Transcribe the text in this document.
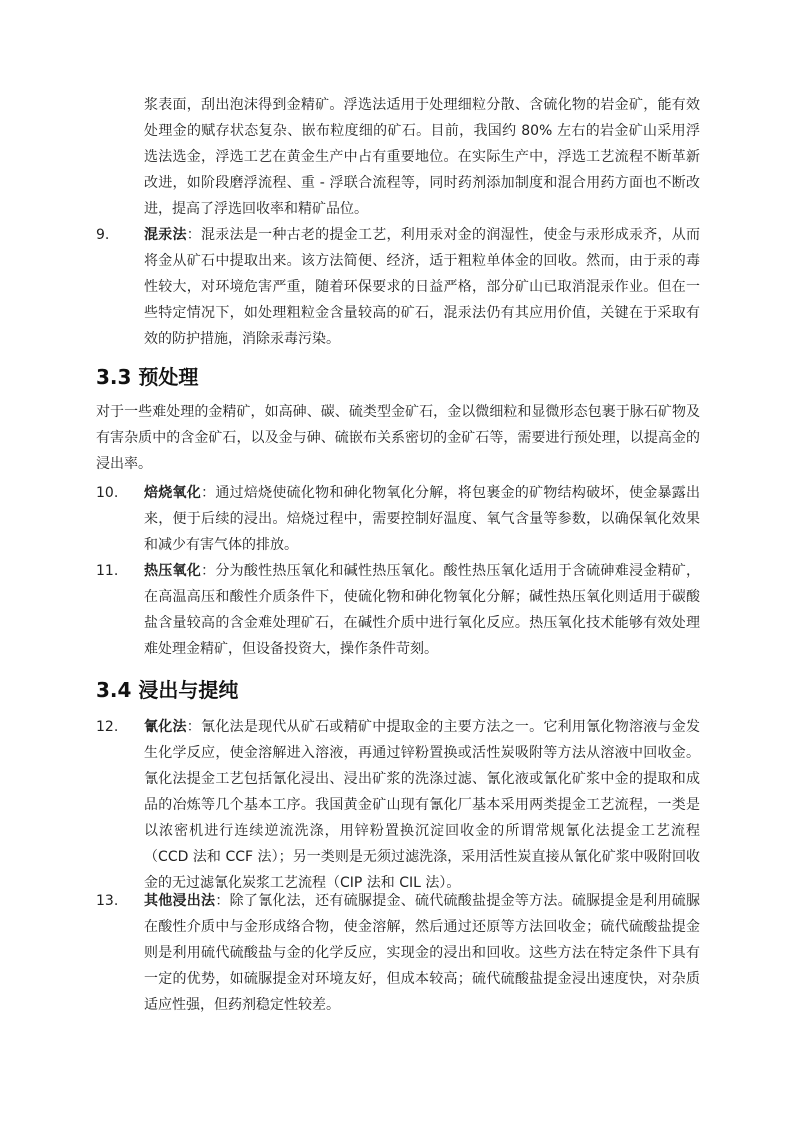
浆表面，刮出泡沫得到金精矿。浮选法适用于处理细粒分散、含硫化物的岩金矿，能有效处理金的赋存状态复杂、嵌布粒度细的矿石。目前，我国约 80% 左右的岩金矿山采用浮选法选金，浮选工艺在黄金生产中占有重要地位。在实际生产中，浮选工艺流程不断革新改进，如阶段磨浮流程、重 - 浮联合流程等，同时药剂添加制度和混合用药方面也不断改进，提高了浮选回收率和精矿品位。

9. 混汞法：混汞法是一种古老的提金工艺，利用汞对金的润湿性，使金与汞形成汞齐，从而将金从矿石中提取出来。该方法简便、经济，适于粗粒单体金的回收。然而，由于汞的毒性较大，对环境危害严重，随着环保要求的日益严格，部分矿山已取消混汞作业。但在一些特定情况下，如处理粗粒金含量较高的矿石，混汞法仍有其应用价值，关键在于采取有效的防护措施，消除汞毒污染。
3.3 预处理

对于一些难处理的金精矿，如高砷、碳、硫类型金矿石，金以微细粒和显微形态包裹于脉石矿物及有害杂质中的含金矿石，以及金与砷、硫嵌布关系密切的金矿石等，需要进行预处理，以提高金的浸出率。

10. 焙烧氧化：通过焙烧使硫化物和砷化物氧化分解，将包裹金的矿物结构破坏，使金暴露出来，便于后续的浸出。焙烧过程中，需要控制好温度、氧气含量等参数，以确保氧化效果和减少有害气体的排放。
11. 热压氧化：分为酸性热压氧化和碱性热压氧化。酸性热压氧化适用于含硫砷难浸金精矿，在高温高压和酸性介质条件下，使硫化物和砷化物氧化分解；碱性热压氧化则适用于碳酸盐含量较高的含金难处理矿石，在碱性介质中进行氧化反应。热压氧化技术能够有效处理难处理金精矿，但设备投资大，操作条件苛刻。
3.4 浸出与提纯
12. 氰化法：氰化法是现代从矿石或精矿中提取金的主要方法之一。它利用氰化物溶液与金发生化学反应，使金溶解进入溶液，再通过锌粉置换或活性炭吸附等方法从溶液中回收金。氰化法提金工艺包括氰化浸出、浸出矿浆的洗涤过滤、氰化液或氰化矿浆中金的提取和成品的冶炼等几个基本工序。我国黄金矿山现有氰化厂基本采用两类提金工艺流程，一类是以浓密机进行连续逆流洗涤，用锌粉置换沉淀回收金的所谓常规氰化法提金工艺流程（CCD 法和 CCF 法）；另一类则是无须过滤洗涤，采用活性炭直接从氰化矿浆中吸附回收金的无过滤氰化炭浆工艺流程（CIP 法和 CIL 法）。
13. 其他浸出法：除了氰化法，还有硫脲提金、硫代硫酸盐提金等方法。硫脲提金是利用硫脲在酸性介质中与金形成络合物，使金溶解，然后通过还原等方法回收金；硫代硫酸盐提金则是利用硫代硫酸盐与金的化学反应，实现金的浸出和回收。这些方法在特定条件下具有一定的优势，如硫脲提金对环境友好，但成本较高；硫代硫酸盐提金浸出速度快，对杂质适应性强，但药剂稳定性较差。
